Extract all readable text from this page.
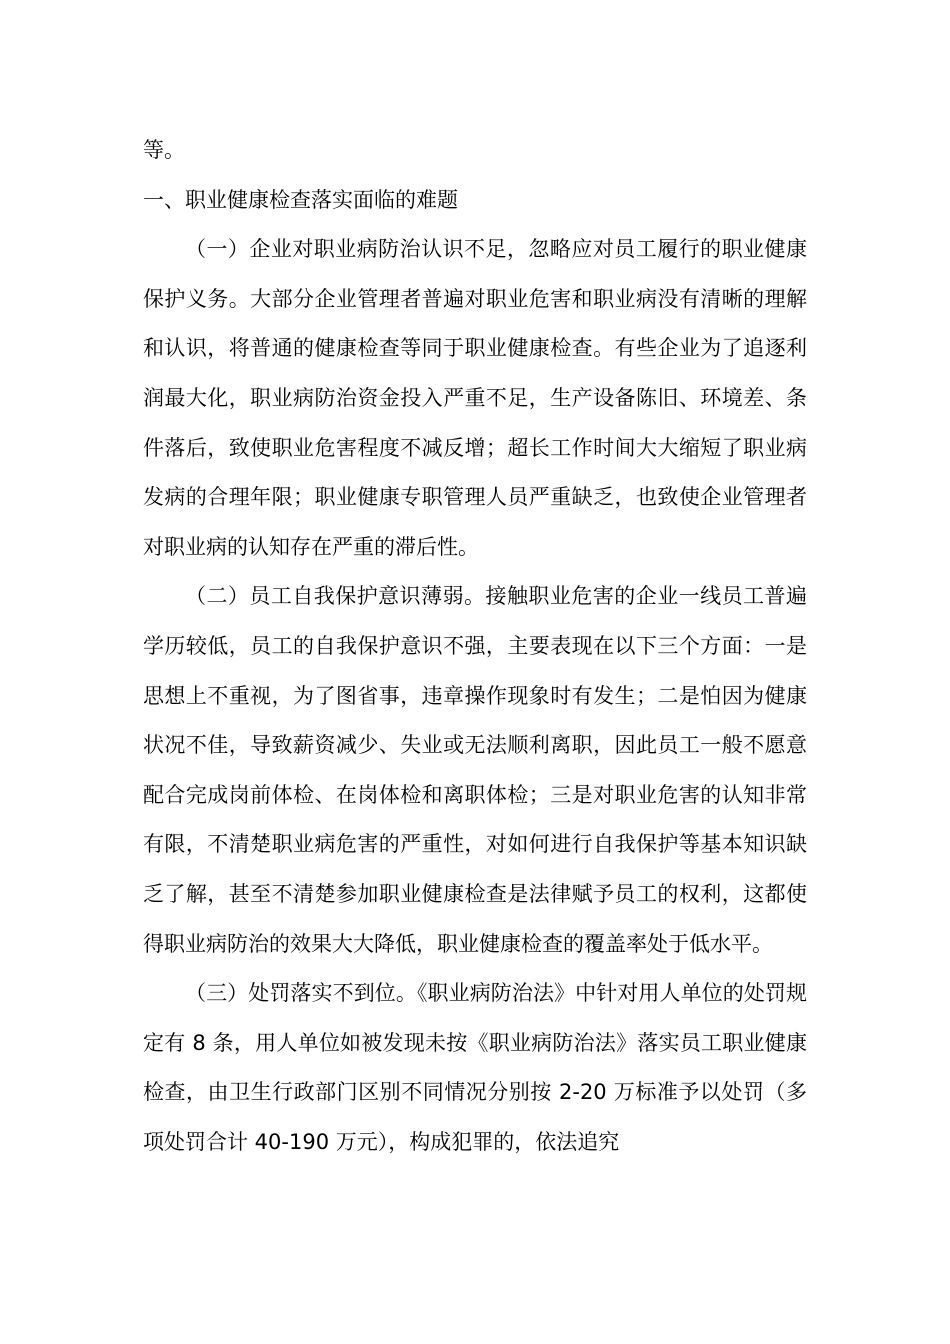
等。

一、职业健康检查落实面临的难题

（一）企业对职业病防治认识不足，忽略应对员工履行的职业健康保护义务。大部分企业管理者普遍对职业危害和职业病没有清晰的理解和认识，将普通的健康检查等同于职业健康检查。有些企业为了追逐利润最大化，职业病防治资金投入严重不足，生产设备陈旧、环境差、条件落后，致使职业危害程度不减反增；超长工作时间大大缩短了职业病发病的合理年限；职业健康专职管理人员严重缺乏，也致使企业管理者对职业病的认知存在严重的滞后性。

（二）员工自我保护意识薄弱。接触职业危害的企业一线员工普遍学历较低，员工的自我保护意识不强，主要表现在以下三个方面：一是思想上不重视，为了图省事，违章操作现象时有发生；二是怕因为健康状况不佳，导致薪资减少、失业或无法顺利离职，因此员工一般不愿意配合完成岗前体检、在岗体检和离职体检；三是对职业危害的认知非常有限，不清楚职业病危害的严重性，对如何进行自我保护等基本知识缺乏了解，甚至不清楚参加职业健康检查是法律赋予员工的权利，这都使得职业病防治的效果大大降低，职业健康检查的覆盖率处于低水平。

（三）处罚落实不到位。《职业病防治法》中针对用人单位的处罚规定有 8 条，用人单位如被发现未按《职业病防治法》落实员工职业健康检查，由卫生行政部门区别不同情况分别按 2-20 万标准予以处罚（多项处罚合计 40-190 万元），构成犯罪的，依法追究
